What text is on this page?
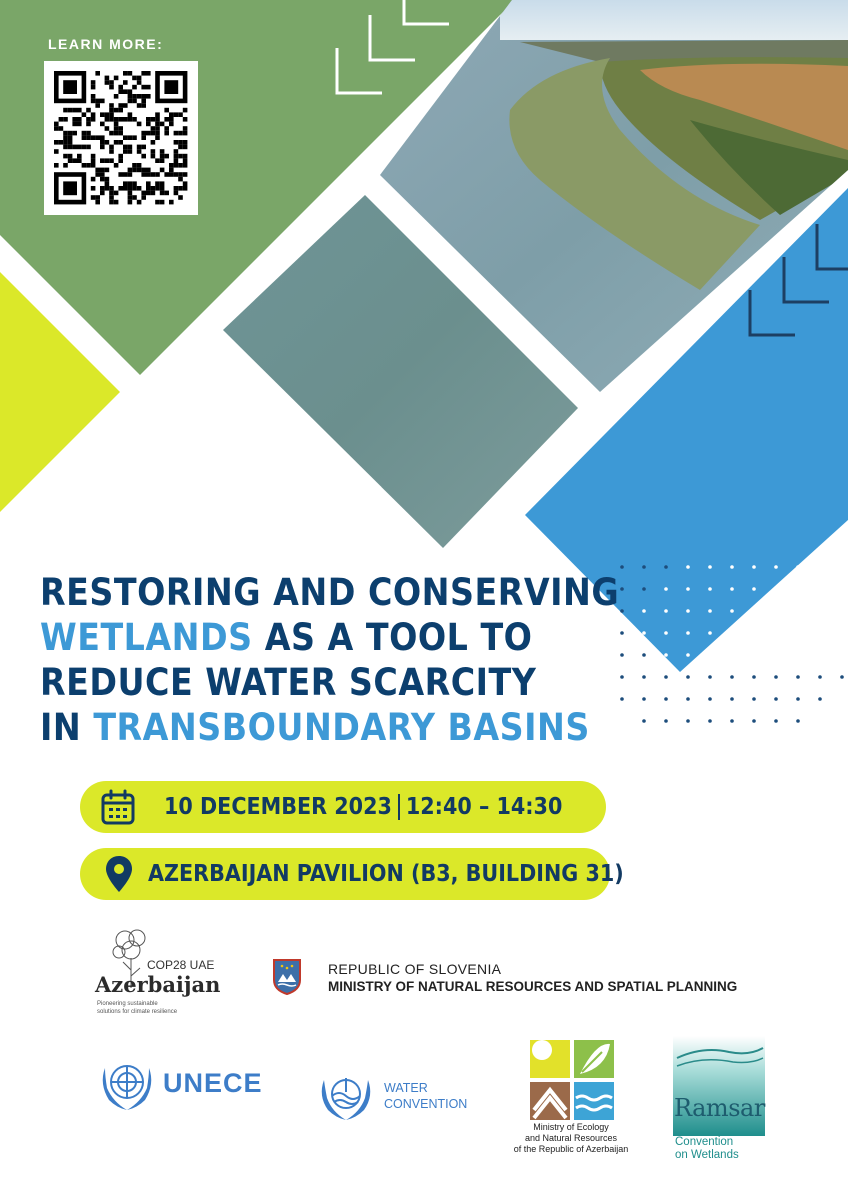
LEARN MORE:
RESTORING AND CONSERVING
WETLANDS AS A TOOL TO
REDUCE WATER SCARCITY
IN TRANSBOUNDARY BASINS
10 DECEMBER 2023 12:40 – 14:30
AZERBAIJAN PAVILION (B3, BUILDING 31)
COP28 UAE
Azerbaijan
Pioneering sustainable
solutions for climate resilience
REPUBLIC OF SLOVENIA
MINISTRY OF NATURAL RESOURCES AND SPATIAL PLANNING
UNECE	WATER
CONVENTION
Ministry of Ecology
and Natural Resources
of the Republic of Azerbaijan
Ramsar
Convention
on Wetlands
